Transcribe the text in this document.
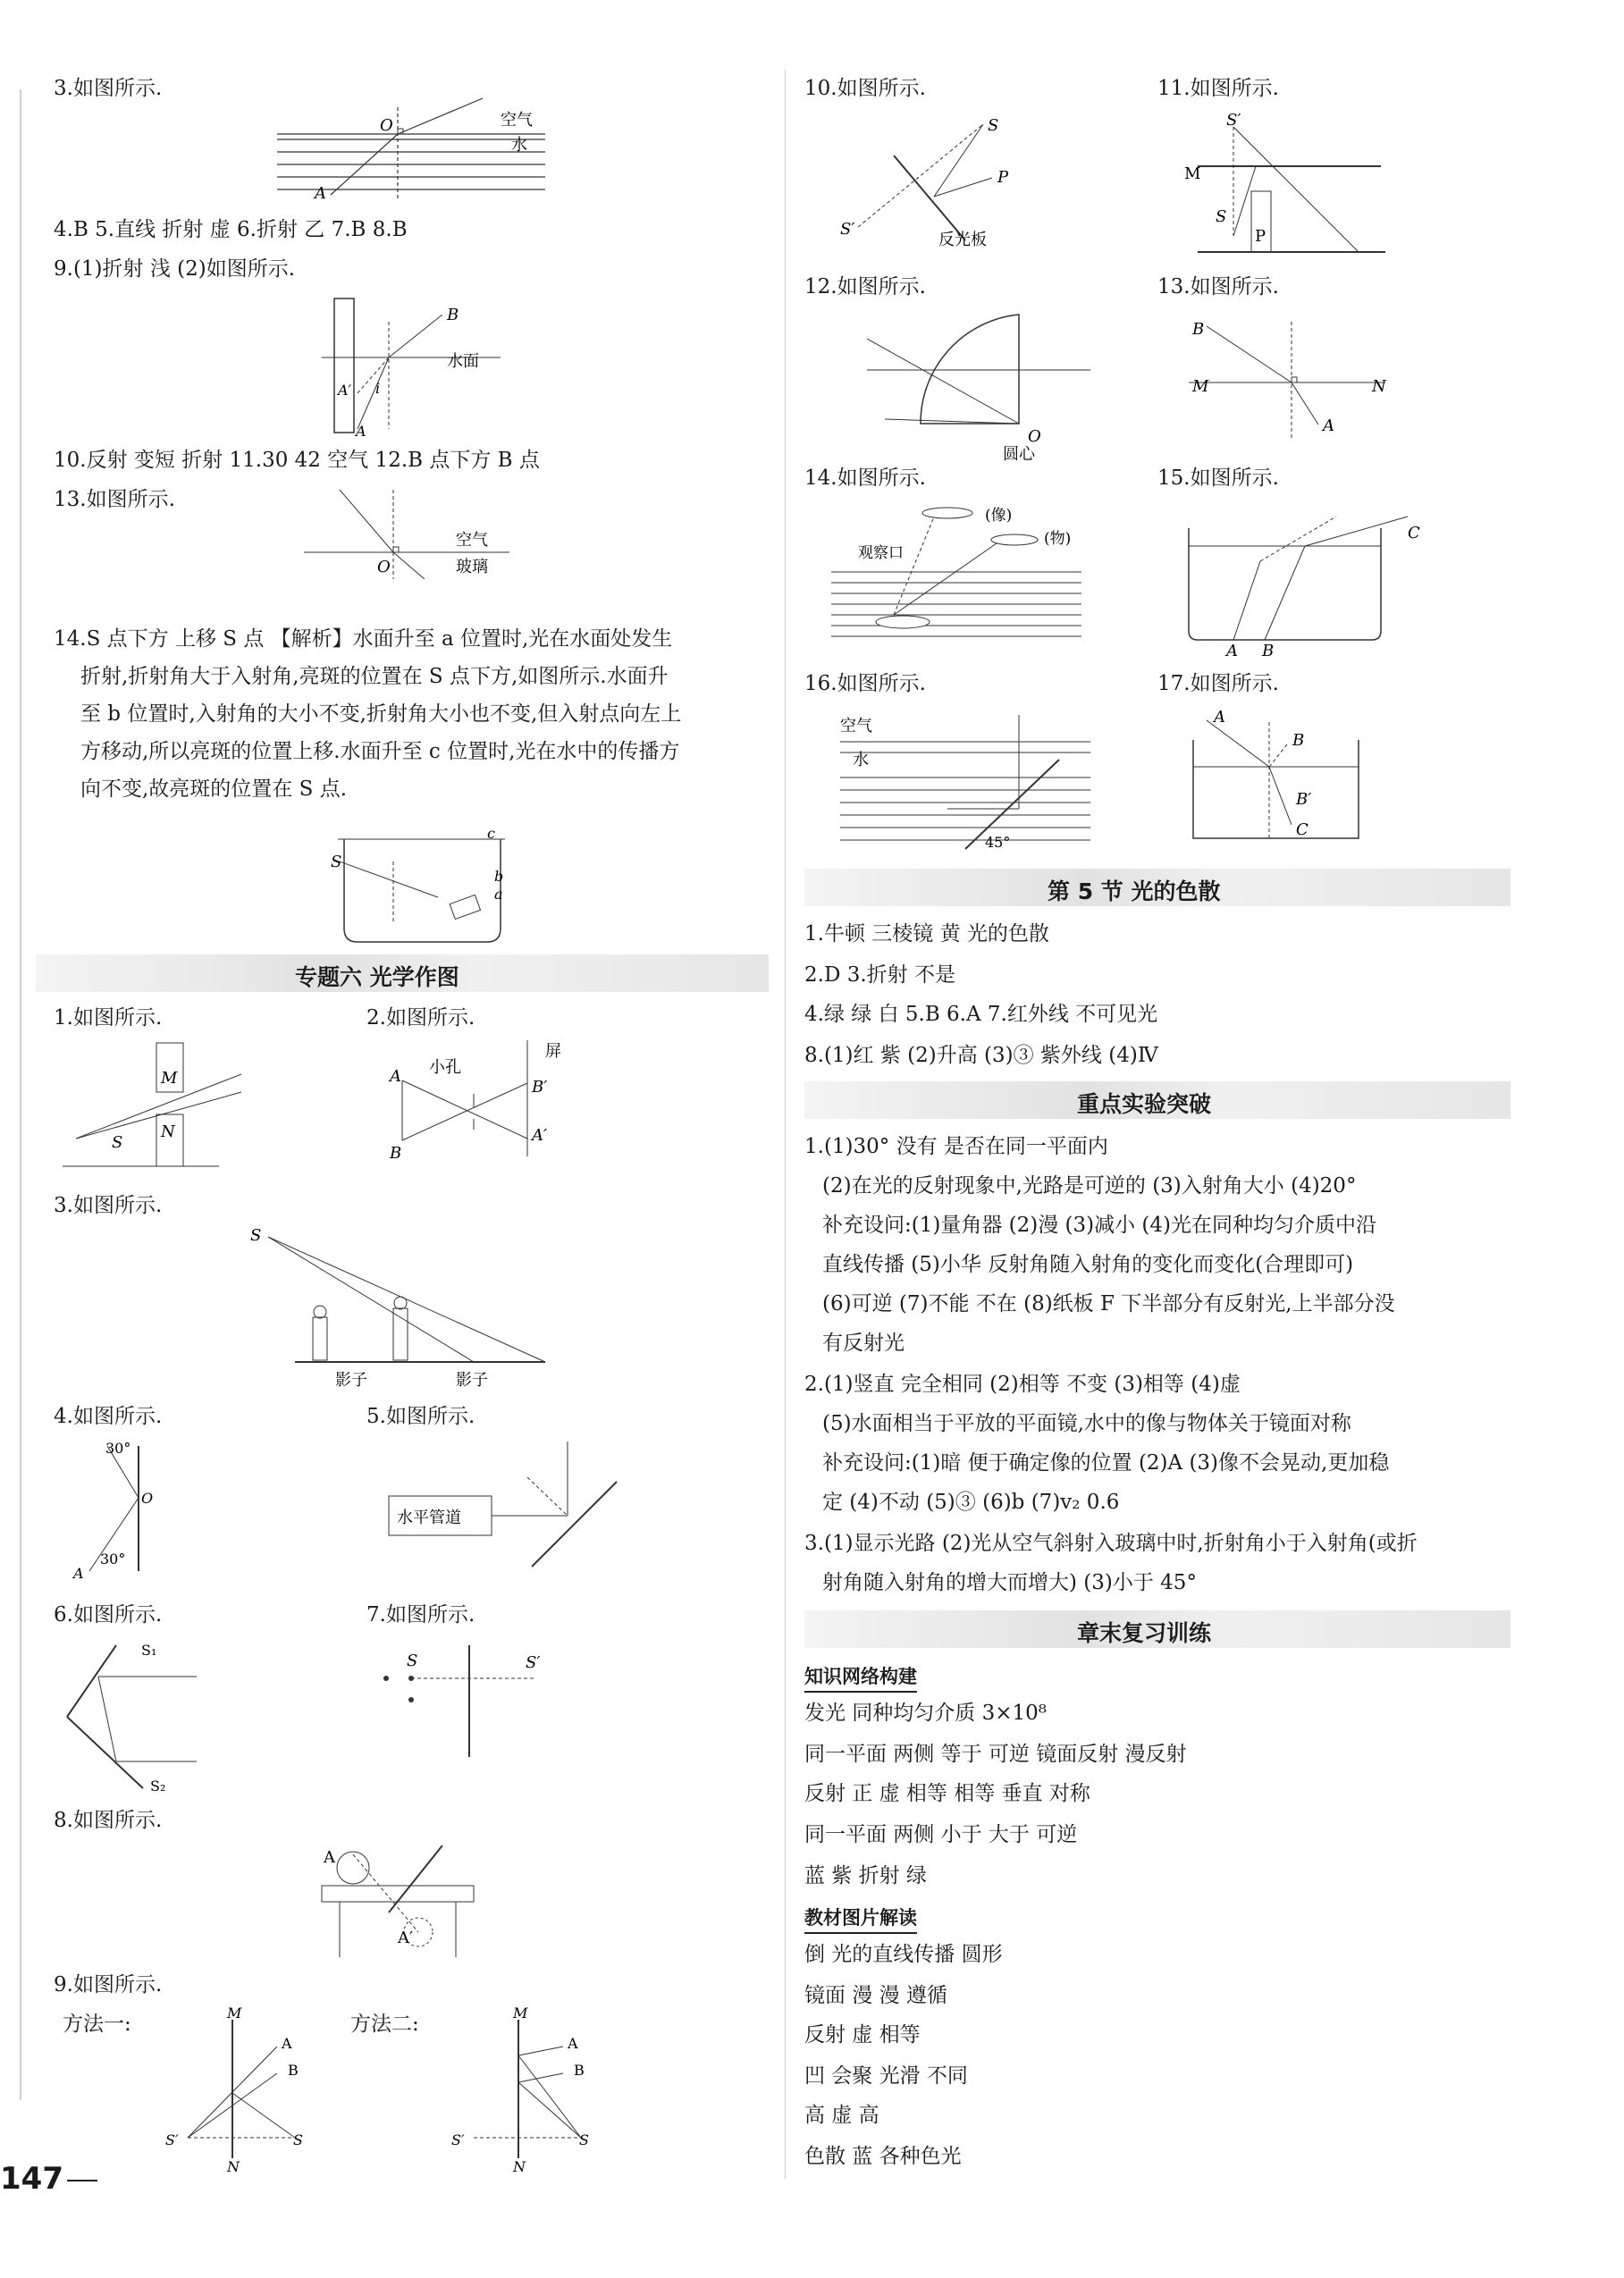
3.如图所示.
O	空气
水
A
4.B 5.直线 折射 虚 6.折射 乙 7.B 8.B
9.(1)折射 浅 (2)如图所示.
B
水面
A′
A
i
10.反射 变短 折射 11.30 42 空气 12.B 点下方 B 点
13.如图所示.
空气
玻璃
O
14.S 点下方 上移 S 点 【解析】水面升至 a 位置时,光在水面处发生
折射,折射角大于入射角,亮斑的位置在 S 点下方,如图所示.水面升
至 b 位置时,入射角的大小不变,折射角大小也不变,但入射点向左上
方移动,所以亮斑的位置上移.水面升至 c 位置时,光在水中的传播方
向不变,故亮斑的位置在 S 点.
S
c
b
a
专题六 光学作图
1.如图所示.	2.如图所示.
M
N
S
A
B
小孔
屏
B′
A′
3.如图所示.
S
影子	影子
4.如图所示.	5.如图所示.
30°
O
30°
A
水平管道
6.如图所示.	7.如图所示.
S₁
S₂
S	S′
8.如图所示.
A
A′
9.如图所示.
方法一:	方法二:
M
A
B
S′	S
N
M
A
B
S′	S
N
147
10.如图所示.	11.如图所示.
S
P
S′
反光板
S′
M
S
P
12.如图所示.	13.如图所示.
O
圆心
B
M	N
A
14.如图所示.	15.如图所示.
(像)
(物)
观察口
A B
C
16.如图所示.	17.如图所示.
空气
水
45°
A
B
B′
C
第 5 节 光的色散
1.牛顿 三棱镜 黄 光的色散
2.D 3.折射 不是
4.绿 绿 白 5.B 6.A 7.红外线 不可见光
8.(1)红 紫 (2)升高 (3)③ 紫外线 (4)Ⅳ
重点实验突破
1.(1)30° 没有 是否在同一平面内
(2)在光的反射现象中,光路是可逆的 (3)入射角大小 (4)20°
补充设问:(1)量角器 (2)漫 (3)减小 (4)光在同种均匀介质中沿
直线传播 (5)小华 反射角随入射角的变化而变化(合理即可)
(6)可逆 (7)不能 不在 (8)纸板 F 下半部分有反射光,上半部分没
有反射光
2.(1)竖直 完全相同 (2)相等 不变 (3)相等 (4)虚
(5)水面相当于平放的平面镜,水中的像与物体关于镜面对称
补充设问:(1)暗 便于确定像的位置 (2)A (3)像不会晃动,更加稳
定 (4)不动 (5)③ (6)b (7)v₂ 0.6
3.(1)显示光路 (2)光从空气斜射入玻璃中时,折射角小于入射角(或折
射角随入射角的增大而增大) (3)小于 45°
章末复习训练
知识网络构建
发光 同种均匀介质 3×10⁸
同一平面 两侧 等于 可逆 镜面反射 漫反射
反射 正 虚 相等 相等 垂直 对称
同一平面 两侧 小于 大于 可逆
蓝 紫 折射 绿
教材图片解读
倒 光的直线传播 圆形
镜面 漫 漫 遵循
反射 虚 相等
凹 会聚 光滑 不同
高 虚 高
色散 蓝 各种色光
